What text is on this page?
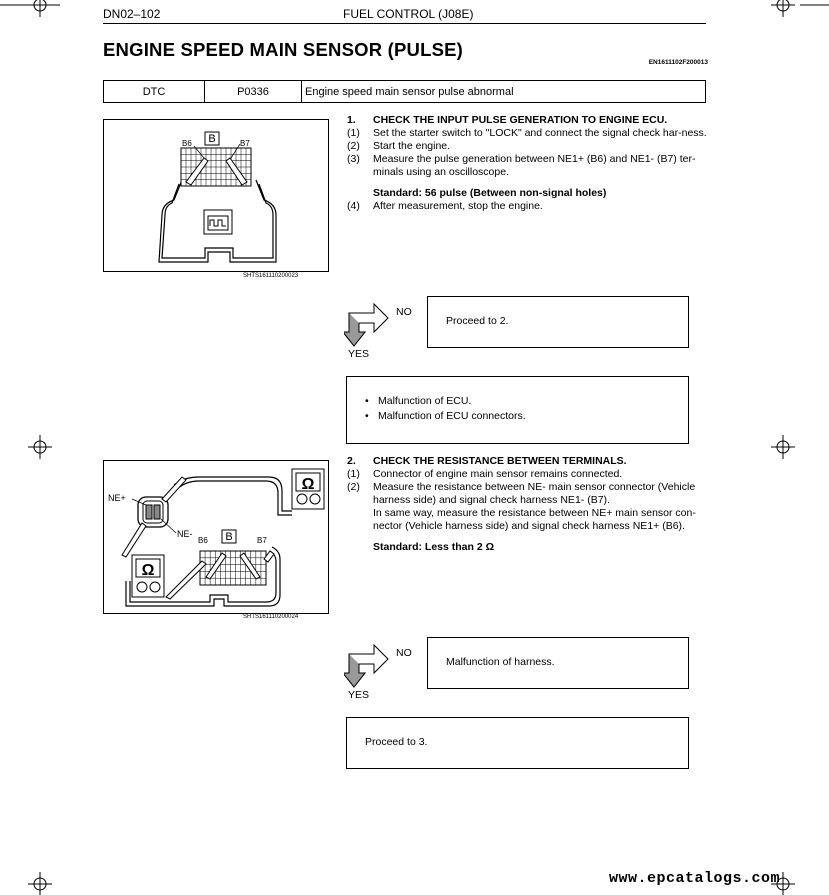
DN02–102	FUEL CONTROL (J08E)
ENGINE SPEED MAIN SENSOR (PULSE)
EN1611102F200013
DTC	P0336	Engine speed main sensor pulse abnormal
B
B6	B7
SHTS161110200023
1. CHECK THE INPUT PULSE GENERATION TO ENGINE ECU.
(1) Set the starter switch to "LOCK" and connect the signal check har-ness.
(2) Start the engine.
(3) Measure the pulse generation between NE1+ (B6) and NE1- (B7) ter-minals using an oscilloscope.
Standard: 56 pulse (Between non-signal holes)
(4) After measurement, stop the engine.
NO
YES
Proceed to 2.
• Malfunction of ECU.
• Malfunction of ECU connectors.
Ω
Ω
NE+
NE-	B
B6	B7
SHTS161110200024
2. CHECK THE RESISTANCE BETWEEN TERMINALS.
(1) Connector of engine main sensor remains connected.
(2) Measure the resistance between NE- main sensor connector (Vehicle harness side) and signal check harness NE1- (B7).
In same way, measure the resistance between NE+ main sensor con-nector (Vehicle harness side) and signal check harness NE1+ (B6).
Standard: Less than 2 Ω
NO
YES
Malfunction of harness.
Proceed to 3.
www.epcatalogs.com
